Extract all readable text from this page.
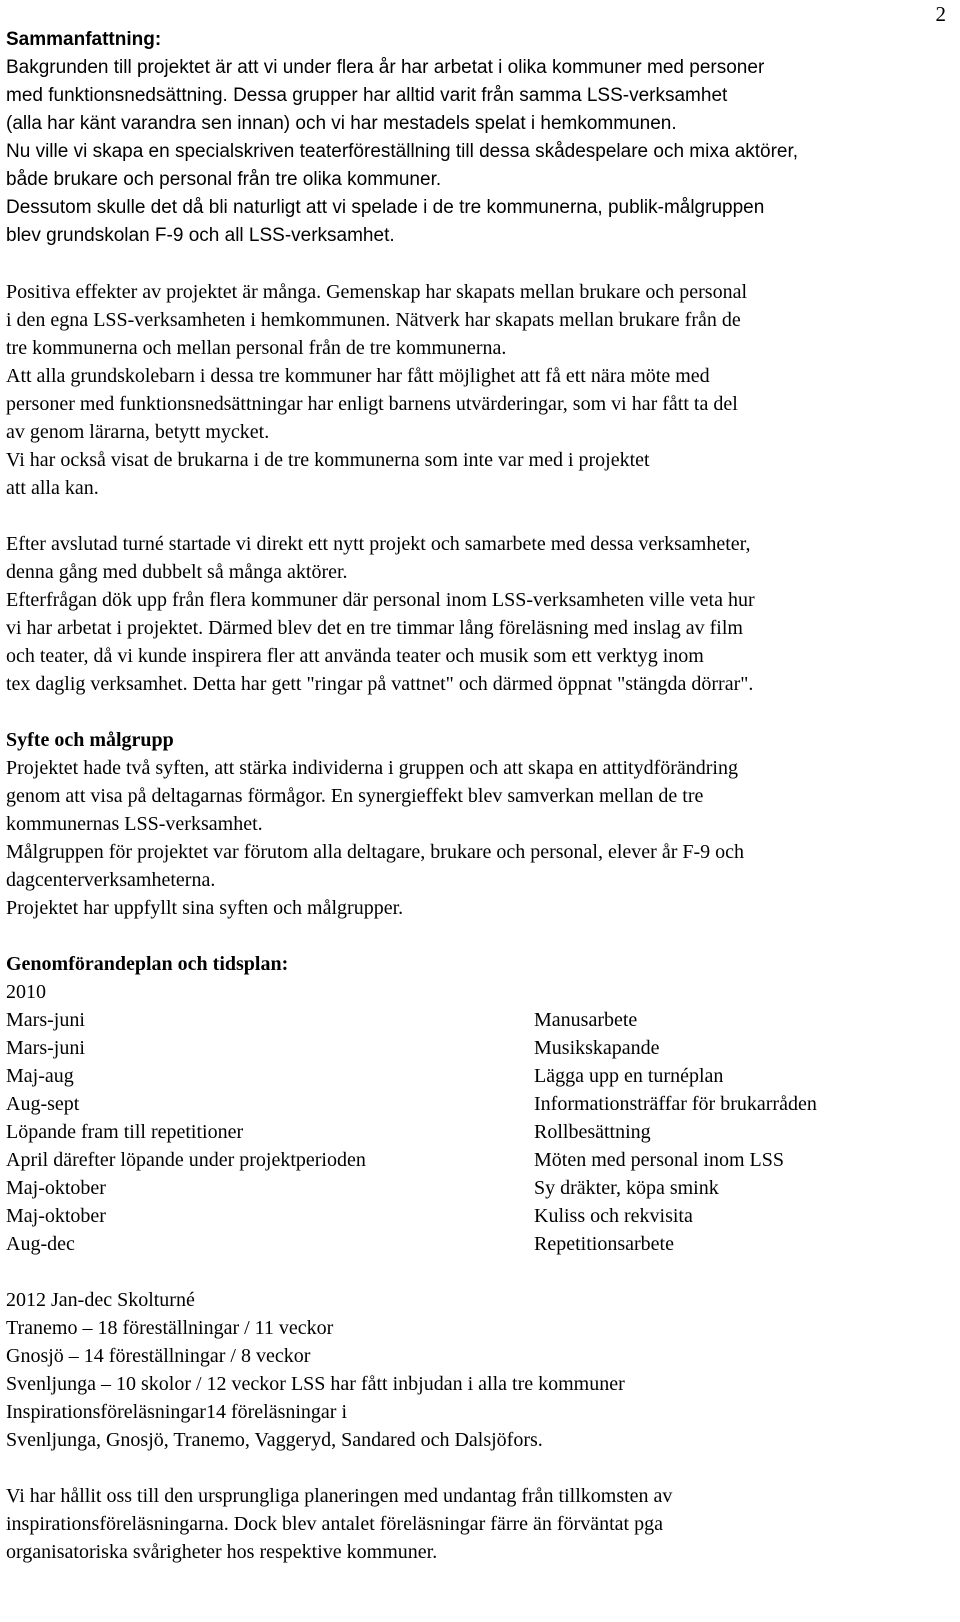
2

Sammanfattning:

Bakgrunden till projektet är att vi under flera år har arbetat i olika kommuner med personer

med funktionsnedsättning. Dessa grupper har alltid varit från samma LSS-verksamhet

(alla har känt varandra sen innan) och vi har mestadels spelat i hemkommunen.

Nu ville vi skapa en specialskriven teaterföreställning till dessa skådespelare och mixa aktörer,

både brukare och personal från tre olika kommuner.

Dessutom skulle det då bli naturligt att vi spelade i de tre kommunerna, publik-målgruppen

blev grundskolan F-9 och all LSS-verksamhet.

Positiva effekter av projektet är många. Gemenskap har skapats mellan brukare och personal

i den egna LSS-verksamheten i hemkommunen. Nätverk har skapats mellan brukare från de

tre kommunerna och mellan personal från de tre kommunerna.

Att alla grundskolebarn i dessa tre kommuner har fått möjlighet att få ett nära möte med

personer med funktionsnedsättningar har enligt barnens utvärderingar, som vi har fått ta del

av genom lärarna, betytt mycket.

Vi har också visat de brukarna i de tre kommunerna som inte var med i projektet

att alla kan.

Efter avslutad turné startade vi direkt ett nytt projekt och samarbete med dessa verksamheter,

denna gång med dubbelt så många aktörer.

Efterfrågan dök upp från flera kommuner där personal inom LSS-verksamheten ville veta hur

vi har arbetat i projektet. Därmed blev det en tre timmar lång föreläsning med inslag av film

och teater, då vi kunde inspirera fler att använda teater och musik som ett verktyg inom

tex daglig verksamhet. Detta har gett "ringar på vattnet" och därmed öppnat "stängda dörrar".

Syfte och målgrupp

Projektet hade två syften, att stärka individerna i gruppen och att skapa en attitydförändring

genom att visa på deltagarnas förmågor. En synergieffekt blev samverkan mellan de tre

kommunernas LSS-verksamhet.

Målgruppen för projektet var förutom alla deltagare, brukare och personal, elever år F-9 och

dagcenterverksamheterna.

Projektet har uppfyllt sina syften och målgrupper.

Genomförandeplan och tidsplan:

2010

Mars-juni	Manusarbete
Mars-juni	Musikskapande
Maj-aug	Lägga upp en turnéplan
Aug-sept	Informationsträffar för brukarråden
Löpande fram till repetitioner	Rollbesättning
April därefter löpande under projektperioden	Möten med personal inom LSS
Maj-oktober	Sy dräkter, köpa smink
Maj-oktober	Kuliss och rekvisita
Aug-dec	Repetitionsarbete

2012 Jan-dec Skolturné

Tranemo – 18 föreställningar / 11 veckor

Gnosjö – 14 föreställningar / 8 veckor

Svenljunga – 10 skolor / 12 veckor LSS har fått inbjudan i alla tre kommuner

Inspirationsföreläsningar14 föreläsningar i

Svenljunga, Gnosjö, Tranemo, Vaggeryd, Sandared och Dalsjöfors.

Vi har hållit oss till den ursprungliga planeringen med undantag från tillkomsten av

inspirationsföreläsningarna. Dock blev antalet föreläsningar färre än förväntat pga

organisatoriska svårigheter hos respektive kommuner.
